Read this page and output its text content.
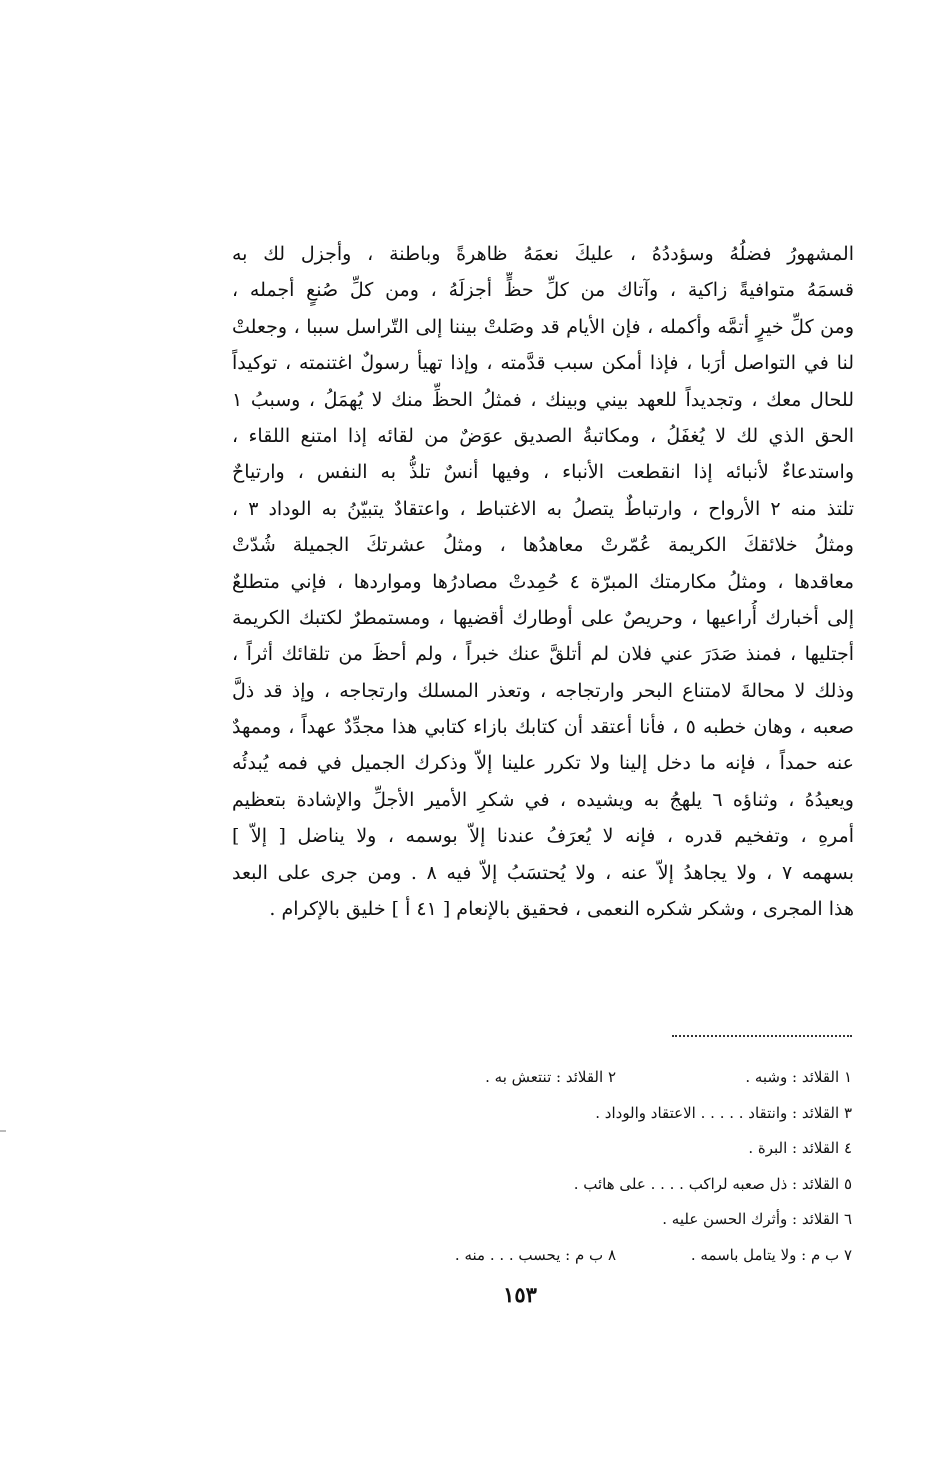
المشهورُ فضلُهُ وسؤددُهُ ، عليكَ نعمَهُ ظاهرةً وباطنة ، وأجزل لك به
قسمَهُ متوافيةً زاكية ، وآتاك من كلِّ حظٍّ أجزلَهُ ، ومن كلِّ صُنعٍ أجمله ،
ومن كلِّ خيرٍ أتمَّه وأكمله ، فإن الأيام قد وصَلتْ بيننا إلى التّراسل سببا ، وجعلتْ
لنا في التواصل أرَبا ، فإذا أمكن سبب قدَّمته ، وإذا تهيأ رسولٌ اغتنمته ، توكيداً
للحال معك ، وتجديداً للعهد بيني وبينك ، فمثلُ الحظِّ منك لا يُهمَلُ ، وسببُ ١
الحق الذي لك لا يُغفَلُ ، ومكاتبةُ الصديق عوَضٌ من لقائه إذا امتنع اللقاء ،
واستدعاءٌ لأنبائه إذا انقطعت الأنباء ، وفيها أنسٌ تلذُّ به النفس ، وارتياحٌ
تلتذ منه ٢ الأرواح ، وارتباطٌ يتصلُ به الاغتباط ، واعتقادٌ يتبيّنُ به الوداد ٣ ،
ومثلُ خلائقكَ الكريمة عُمّرتْ معاهدُها ، ومثلُ عشرتكَ الجميلة شُدّتْ
معاقدها ، ومثلُ مكارمتك المبرّة ٤ حُمِدتْ مصادرُها ومواردها ، فإني متطلعٌ
إلى أخبارك أُراعيها ، وحريصٌ على أوطارك أقضيها ، ومستمطرٌ لكتبك الكريمة
أجتليها ، فمنذ صَدَرَ عني فلان لم أتلقَّ عنك خبراً ، ولم أحظَ من تلقائك أثراً ،
وذلك لا محالةَ لامتناع البحر وارتجاجه ، وتعذر المسلك وارتجاجه ، وإذ قد ذلَّ
صعبه ، وهان خطبه ٥ ، فأنا أعتقد أن كتابك بازاء كتابي هذا مجدِّدٌ عهداً ، وممهدٌ
عنه حمداً ، فإنه ما دخل إلينا ولا تكرر علينا إلاّ وذكرك الجميل في فمه يُبدئُه
ويعيدُهُ ، وثناؤه ٦ يلهجُ به ويشيده ، في شكرِ الأمير الأجلِّ والإشادة بتعظيم
أمرهِ ، وتفخيم قدره ، فإنه لا يُعرَفُ عندنا إلاّ بوسمه ، ولا يناضل [ إلاّ ]
بسهمه ٧ ، ولا يجاهدُ إلاّ عنه ، ولا يُحتسَبُ إلاّ فيه ٨ . ومن جرى على البعد
هذا المجرى ، وشكر شكره النعمى ، فحقيق بالإنعام [ ٤١ أ ] خليق بالإكرام .
١ القلائد : وشبه .
٢ القلائد : تنتعش به .
٣ القلائد : وانتقاد . . . . . الاعتقاد والوداد .
٤ القلائد : البرة .
٥ القلائد : ذل صعبه لراكب . . . . على هائب .
٦ القلائد : وأثرك الحسن عليه .
٧ ب م : ولا يتامل باسمه .
٨ ب م : يحسب . . . منه .
١٥٣
